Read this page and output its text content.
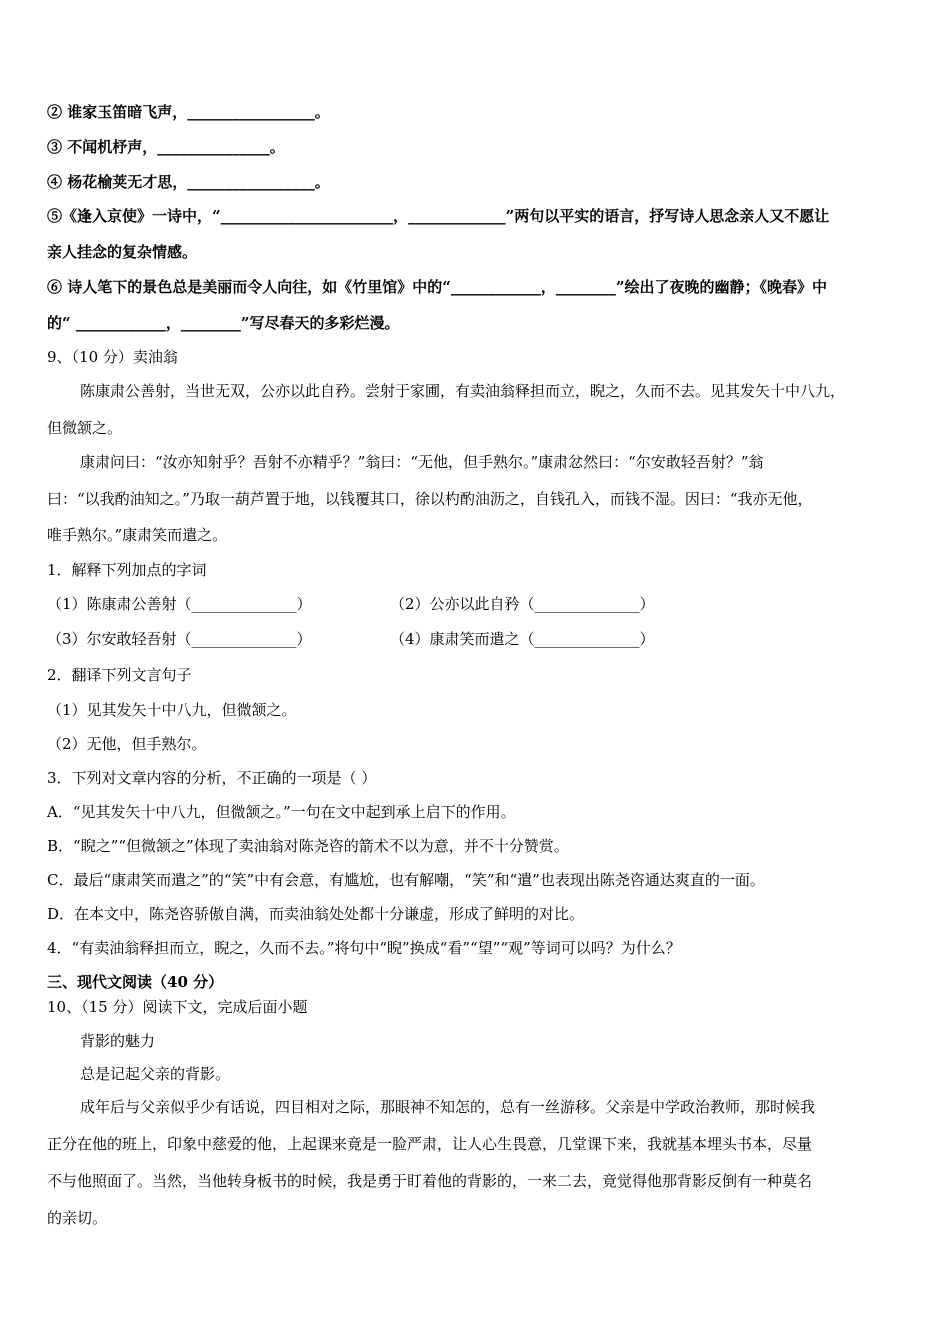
② 谁家玉笛暗飞声，_________________。
③ 不闻机杼声，_______________。
④ 杨花榆荚无才思，_________________。
⑤《逢入京使》一诗中，“_______________________，_____________”两句以平实的语言，抒写诗人思念亲人又不愿让
亲人挂念的复杂情感。
⑥ 诗人笔下的景色总是美丽而令人向往，如《竹里馆》中的“____________，________”绘出了夜晚的幽静；《晚春》中
的“ ____________，________”写尽春天的多彩烂漫。
9、（10 分）卖油翁
陈康肃公善射，当世无双，公亦以此自矜。尝射于家圃，有卖油翁释担而立，睨之，久而不去。见其发矢十中八九，
但微颔之。
康肃问曰：“汝亦知射乎？吾射不亦精乎？”翁曰：“无他，但手熟尔。”康肃忿然曰：“尔安敢轻吾射？”翁
曰：“以我酌油知之。”乃取一葫芦置于地，以钱覆其口，徐以杓酌油沥之，自钱孔入，而钱不湿。因曰：“我亦无他，
唯手熟尔。”康肃笑而遣之。
1．解释下列加点的字词
（1）陈康肃公善射（______________）	（2）公亦以此自矜（______________）
（3）尔安敢轻吾射（______________）	（4）康肃笑而遣之（______________）
2．翻译下列文言句子
（1）见其发矢十中八九，但微颔之。
（2）无他，但手熟尔。
3．下列对文章内容的分析，不正确的一项是（ ）
A．“见其发矢十中八九，但微颔之。”一句在文中起到承上启下的作用。
B．“睨之”“但微颔之”体现了卖油翁对陈尧咨的箭术不以为意，并不十分赞赏。
C．最后“康肃笑而遣之”的“笑”中有会意，有尴尬，也有解嘲，“笑”和“遣”也表现出陈尧咨通达爽直的一面。
D．在本文中，陈尧咨骄傲自满，而卖油翁处处都十分谦虚，形成了鲜明的对比。
4．“有卖油翁释担而立，睨之，久而不去。”将句中“睨”换成“看”“望”“观”等词可以吗？为什么？
三、现代文阅读（40 分）
10、（15 分）阅读下文，完成后面小题
背影的魅力
总是记起父亲的背影。
成年后与父亲似乎少有话说，四目相对之际，那眼神不知怎的，总有一丝游移。父亲是中学政治教师，那时候我
正分在他的班上，印象中慈爱的他，上起课来竟是一脸严肃，让人心生畏意，几堂课下来，我就基本埋头书本，尽量
不与他照面了。当然，当他转身板书的时候，我是勇于盯着他的背影的，一来二去，竟觉得他那背影反倒有一种莫名
的亲切。
